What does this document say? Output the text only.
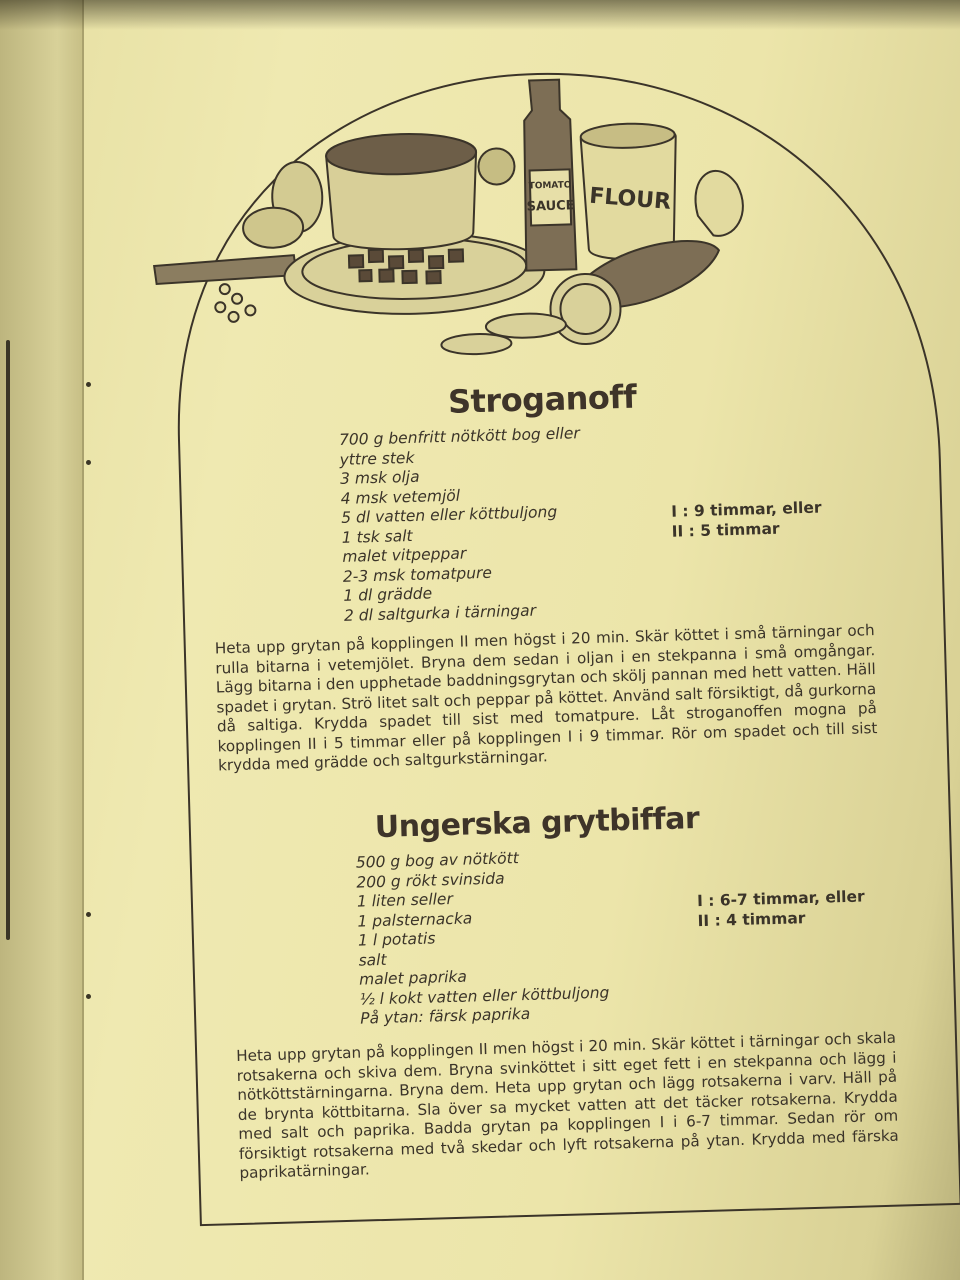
TOMATO
SAUCE FLOUR
Stroganoff
700 g benfritt nötkött bog eller
yttre stek
3 msk olja
4 msk vetemjöl
5 dl vatten eller köttbuljong
1 tsk salt
malet vitpeppar
2-3 msk tomatpure
1 dl grädde
2 dl saltgurka i tärningar
I : 9 timmar, eller
II : 5 timmar

Heta upp grytan på kopplingen II men högst i 20 min. Skär köttet i små tärningar och rulla bitarna i vetemjölet. Bryna dem sedan i oljan i en stekpanna i små omgångar. Lägg bitarna i den upphetade baddningsgrytan och skölj pannan med hett vatten. Häll spadet i grytan. Strö litet salt och peppar på köttet. Använd salt försiktigt, då gurkorna då saltiga. Krydda spadet till sist med tomatpure. Låt stroganoffen mogna på kopplingen II i 5 timmar eller på kopplingen I i 9 timmar. Rör om spadet och till sist krydda med grädde och saltgurkstärningar.

Ungerska grytbiffar
500 g bog av nötkött
200 g rökt svinsida
1 liten seller
1 palsternacka
1 l potatis
salt
malet paprika
½ l kokt vatten eller köttbuljong
På ytan: färsk paprika
I : 6-7 timmar, eller
II : 4 timmar

Heta upp grytan på kopplingen II men högst i 20 min. Skär köttet i tärningar och skala rotsakerna och skiva dem. Bryna svinköttet i sitt eget fett i en stekpanna och lägg i nötköttstärningarna. Bryna dem. Heta upp grytan och lägg rotsakerna i varv. Häll på de brynta köttbitarna. Sla över sa mycket vatten att det täcker rotsakerna. Krydda med salt och paprika. Badda grytan pa kopplingen I i 6-7 timmar. Sedan rör om försiktigt rotsakerna med två skedar och lyft rotsakerna på ytan. Krydda med färska paprikatärningar.
